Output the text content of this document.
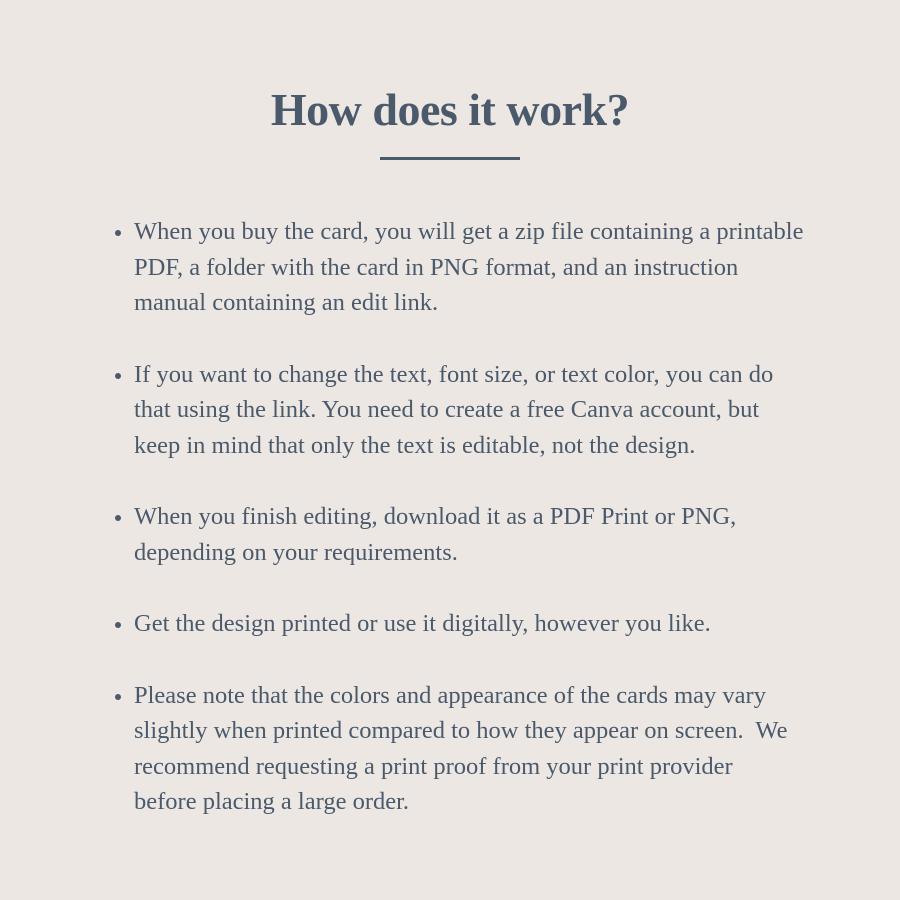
How does it work?
When you buy the card, you will get a zip file containing a printable
PDF, a folder with the card in PNG format, and an instruction
manual containing an edit link.
If you want to change the text, font size, or text color, you can do
that using the link. You need to create a free Canva account, but
keep in mind that only the text is editable, not the design.
When you finish editing, download it as a PDF Print or PNG,
depending on your requirements.
Get the design printed or use it digitally, however you like.
Please note that the colors and appearance of the cards may vary
slightly when printed compared to how they appear on screen.  We
recommend requesting a print proof from your print provider
before placing a large order.
